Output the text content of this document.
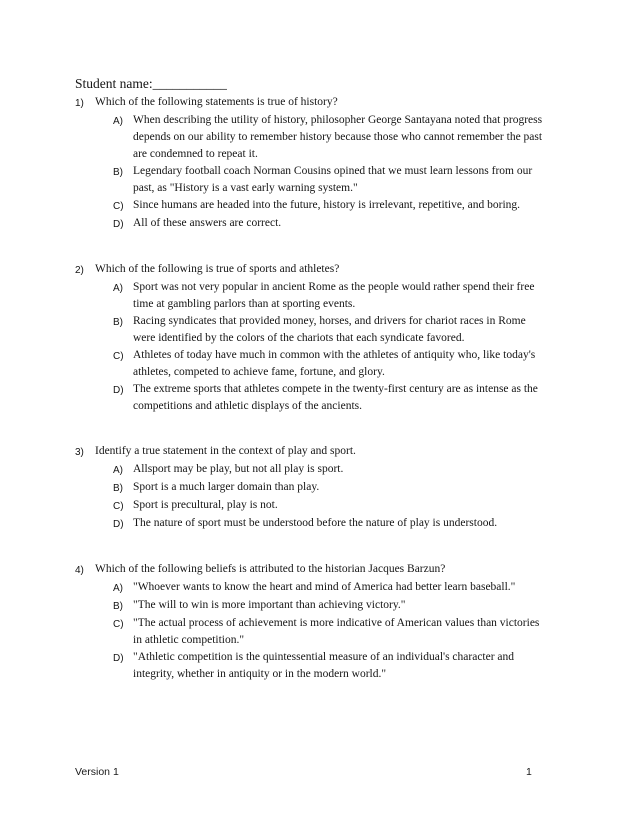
Student name:___________
1) Which of the following statements is true of history?
A) When describing the utility of history, philosopher George Santayana noted that progress depends on our ability to remember history because those who cannot remember the past are condemned to repeat it.
B) Legendary football coach Norman Cousins opined that we must learn lessons from our past, as "History is a vast early warning system."
C) Since humans are headed into the future, history is irrelevant, repetitive, and boring.
D) All of these answers are correct.
2) Which of the following is true of sports and athletes?
A) Sport was not very popular in ancient Rome as the people would rather spend their free time at gambling parlors than at sporting events.
B) Racing syndicates that provided money, horses, and drivers for chariot races in Rome were identified by the colors of the chariots that each syndicate favored.
C) Athletes of today have much in common with the athletes of antiquity who, like today's athletes, competed to achieve fame, fortune, and glory.
D) The extreme sports that athletes compete in the twenty-first century are as intense as the competitions and athletic displays of the ancients.
3) Identify a true statement in the context of play and sport.
A) Allsport may be play, but not all play is sport.
B) Sport is a much larger domain than play.
C) Sport is precultural, play is not.
D) The nature of sport must be understood before the nature of play is understood.
4) Which of the following beliefs is attributed to the historian Jacques Barzun?
A) "Whoever wants to know the heart and mind of America had better learn baseball."
B) "The will to win is more important than achieving victory."
C) "The actual process of achievement is more indicative of American values than victories in athletic competition."
D) "Athletic competition is the quintessential measure of an individual's character and integrity, whether in antiquity or in the modern world."
Version 1	1
